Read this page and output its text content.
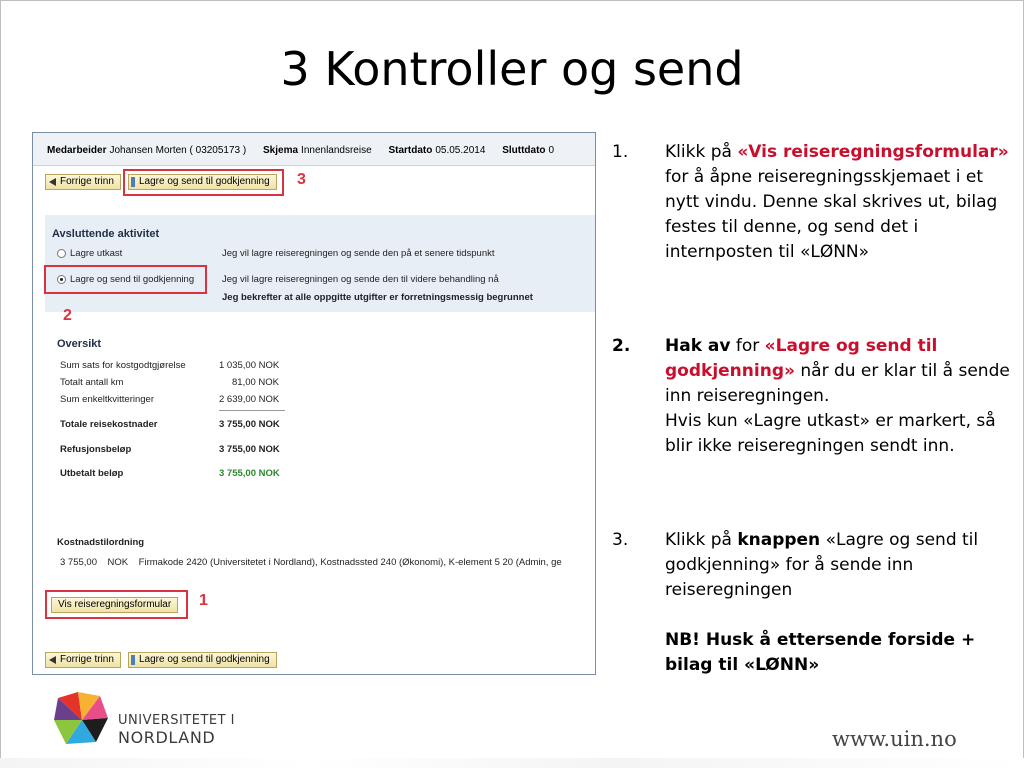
3 Kontroller og send
Medarbeider Johansen Morten ( 03205173 ) Skjema Innenlandsreise Startdato 05.05.2014 Sluttdato 0
Forrige trinn	Lagre og send til godkjenning	3
Avsluttende aktivitet
Lagre utkast	Jeg vil lagre reiseregningen og sende den på et senere tidspunkt
Lagre og send til godkjenning	Jeg vil lagre reiseregningen og sende den til videre behandling nå
Jeg bekrefter at alle oppgitte utgifter er forretningsmessig begrunnet
2
Oversikt
Sum sats for kostgodtgjørelse	1 035,00 NOK
Totalt antall km	81,00 NOK
Sum enkeltkvitteringer	2 639,00 NOK
Totale reisekostnader	3 755,00 NOK
Refusjonsbeløp	3 755,00 NOK
Utbetalt beløp	3 755,00 NOK
Kostnadstilordning
3 755,00    NOK    Firmakode 2420 (Universitetet i Nordland), Kostnadssted 240 (Økonomi), K-element 5 20 (Admin, ge
Vis reiseregningsformular	1
Forrige trinn	Lagre og send til godkjenning
1. Klikk på «Vis reiseregningsformular» for å åpne reiseregningsskjemaet i et nytt vindu. Denne skal skrives ut, bilag festes til denne, og send det i internposten til «LØNN»
2. Hak av for «Lagre og send til godkjenning» når du er klar til å sende inn reiseregningen.
Hvis kun «Lagre utkast» er markert, så blir ikke reiseregningen sendt inn.
3. Klikk på knappen «Lagre og send til godkjenning» for å sende inn reiseregningen

NB! Husk å ettersende forside + bilag til «LØNN»
UNIVERSITETET I
NORDLAND	www.uin.no
